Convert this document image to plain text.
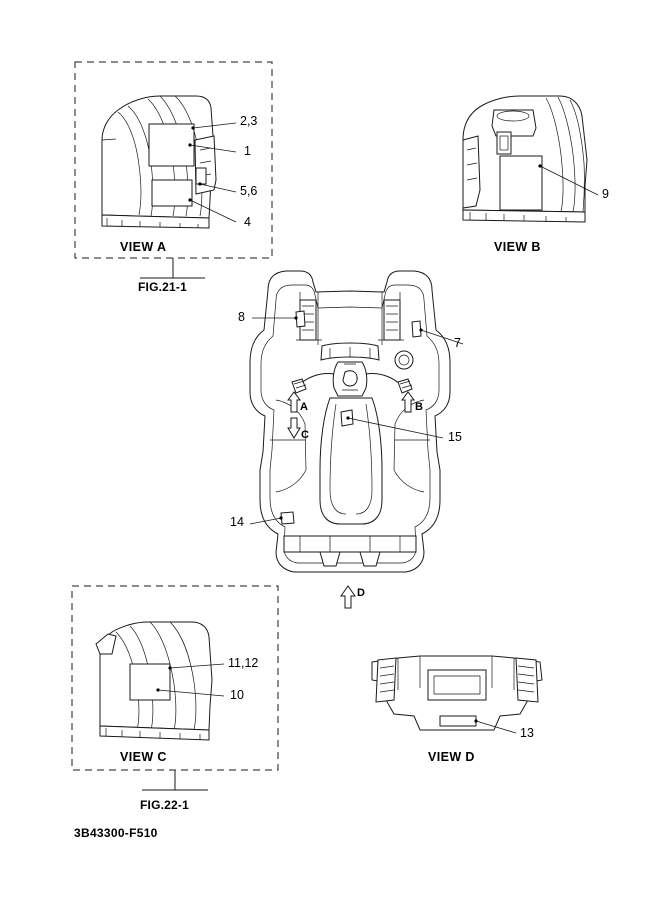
2,3
1
5,6
4
VIEW A
FIG.21-1
9
VIEW B
8
7
15
14
A	B
C
D
11,12
10
VIEW C
FIG.22-1
13
VIEW D
3B43300-F510
